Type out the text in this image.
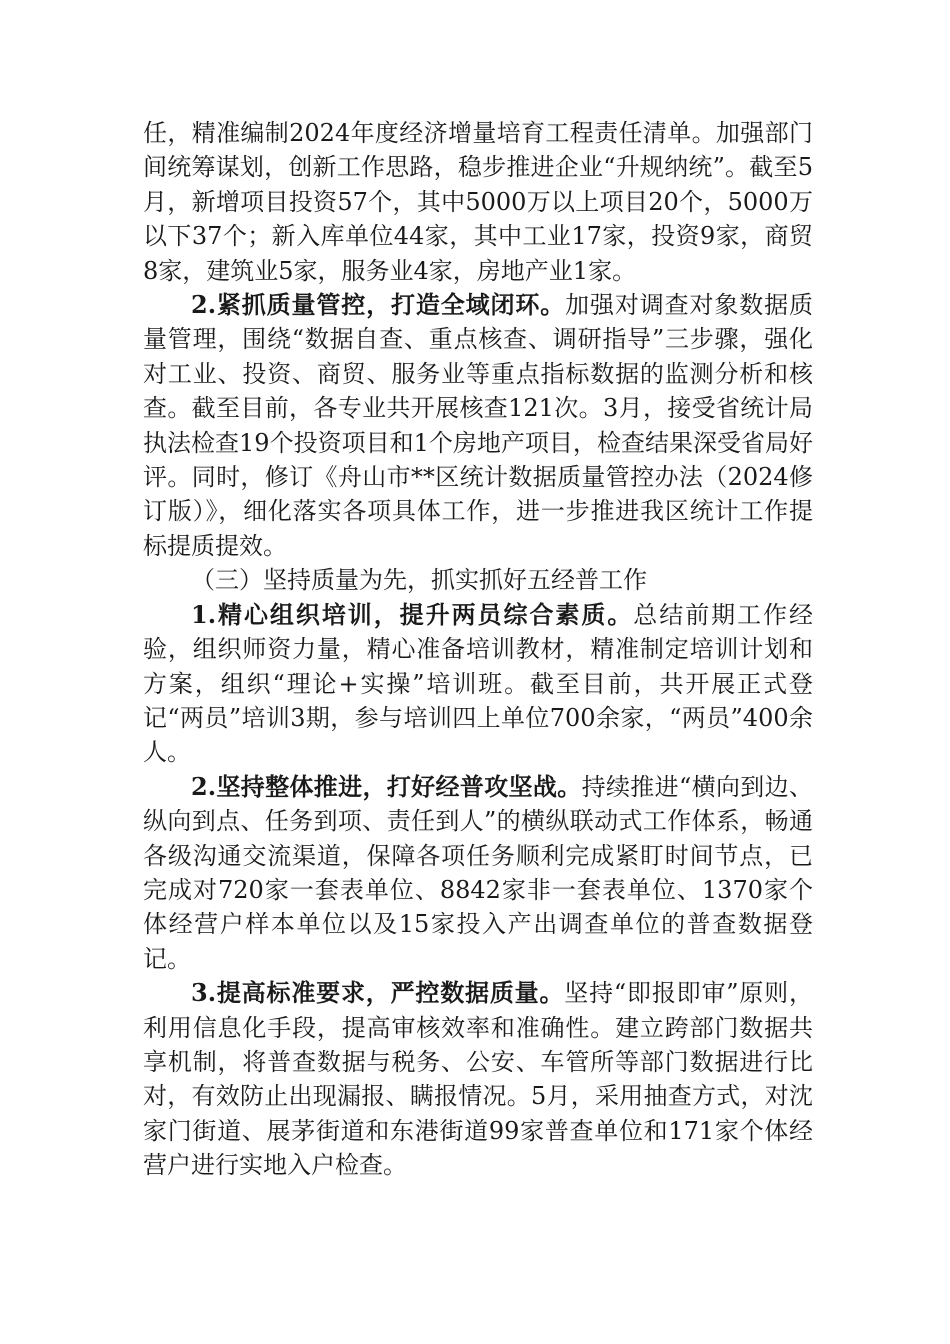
任，精准编制2024年度经济增量培育工程责任清单。加强部门间统筹谋划，创新工作思路，稳步推进企业“升规纳统”。截至5月，新增项目投资57个，其中5000万以上项目20个，5000万以下37个；新入库单位44家，其中工业17家，投资9家，商贸8家，建筑业5家，服务业4家，房地产业1家。

2.紧抓质量管控，打造全域闭环。加强对调查对象数据质量管理，围绕“数据自查、重点核查、调研指导”三步骤，强化对工业、投资、商贸、服务业等重点指标数据的监测分析和核查。截至目前，各专业共开展核查121次。3月，接受省统计局执法检查19个投资项目和1个房地产项目，检查结果深受省局好评。同时，修订《舟山市**区统计数据质量管控办法（2024修订版）》，细化落实各项具体工作，进一步推进我区统计工作提标提质提效。

（三）坚持质量为先，抓实抓好五经普工作

1.精心组织培训，提升两员综合素质。总结前期工作经验，组织师资力量，精心准备培训教材，精准制定培训计划和方案，组织“理论+实操”培训班。截至目前，共开展正式登记“两员”培训3期，参与培训四上单位700余家，“两员”400余人。

2.坚持整体推进，打好经普攻坚战。持续推进“横向到边、纵向到点、任务到项、责任到人”的横纵联动式工作体系，畅通各级沟通交流渠道，保障各项任务顺利完成紧盯时间节点，已完成对720家一套表单位、8842家非一套表单位、1370家个体经营户样本单位以及15家投入产出调查单位的普查数据登记。

3.提高标准要求，严控数据质量。坚持“即报即审”原则，利用信息化手段，提高审核效率和准确性。建立跨部门数据共享机制，将普查数据与税务、公安、车管所等部门数据进行比对，有效防止出现漏报、瞒报情况。5月，采用抽查方式，对沈家门街道、展茅街道和东港街道99家普查单位和171家个体经营户进行实地入户检查。
